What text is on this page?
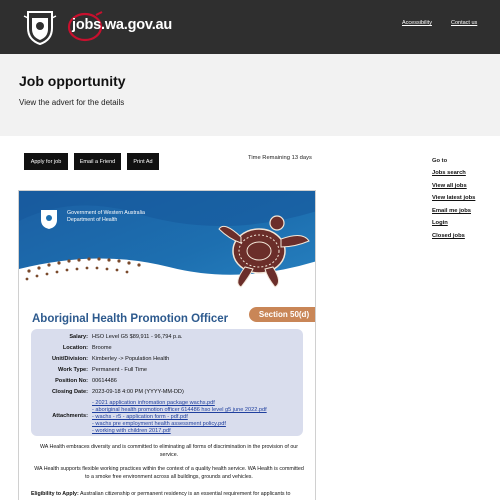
jobs.wa.gov.au	Accessibility	Contact us
Job opportunity

View the advert for the details

Apply for job	Email a Friend	Print Ad
Time Remaining 13 days	Go to
Jobs search
View all jobs
View latest jobs
Email me jobs
Login
Closed jobs
Government of Western Australia
Department of Health
Section 50(d)
Aboriginal Health Promotion Officer
Salary: HSO Level G5 $89,911 - 96,794 p.a.
Location: Broome
Unit/Division: Kimberley -> Population Health
Work Type: Permanent - Full Time
Position No: 00614486
Closing Date: 2023-09-18 4:00 PM (YYYY-MM-DD)
Attachments:
- 2021 application infromation package wachs.pdf
- aboriginal health promotion officer 614486 hso level g5 june 2022.pdf
- wachs - r5 - application form - pdf.pdf
- wachs pre employment health assessment policy.pdf
- working with children 2017.pdf
WA Health embraces diversity and is committed to eliminating all forms of discrimination in the provision of our service.
WA Health supports flexible working practices within the context of a quality health service. WA Health is committed to a smoke free environment across all buildings, grounds and vehicles.
Eligibility to Apply: Australian citizenship or permanent residency is an essential requirement for applicants to
